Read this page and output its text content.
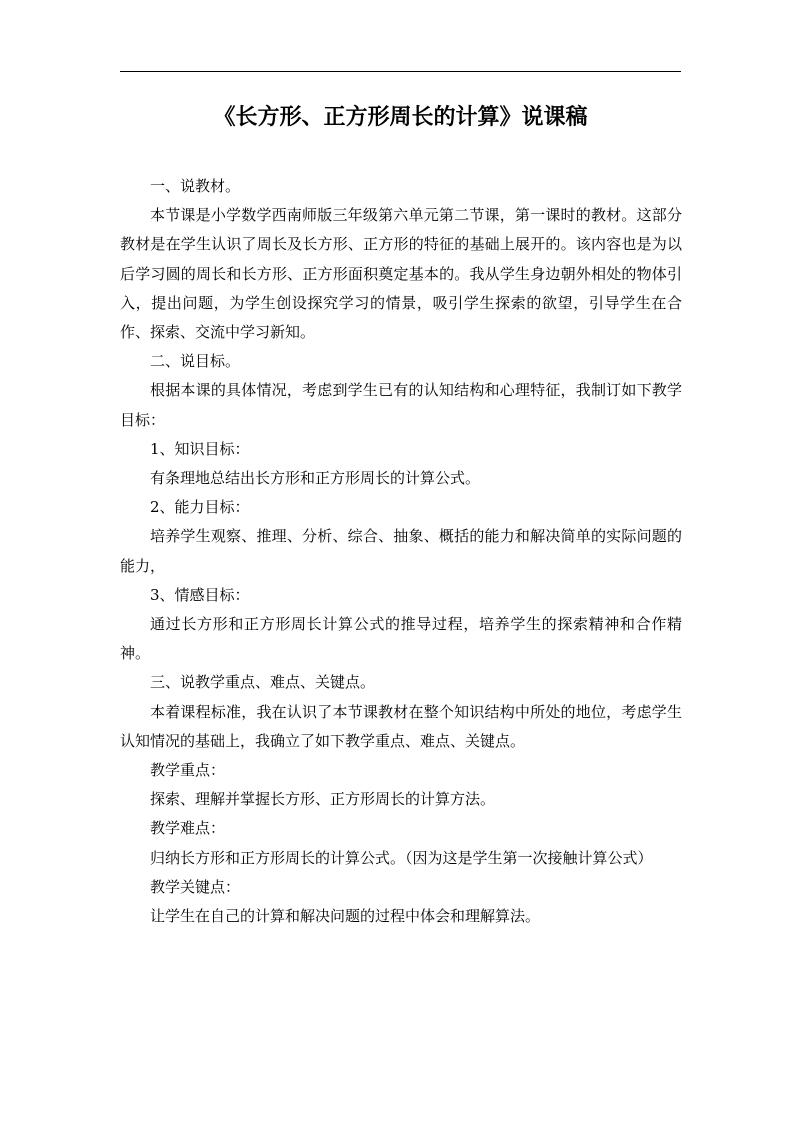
《长方形、正方形周长的计算》说课稿

一、说教材。

本节课是小学数学西南师版三年级第六单元第二节课，第一课时的教材。这部分教材是在学生认识了周长及长方形、正方形的特征的基础上展开的。该内容也是为以后学习圆的周长和长方形、正方形面积奠定基本的。我从学生身边朝外相处的物体引入，提出问题，为学生创设探究学习的情景，吸引学生探索的欲望，引导学生在合作、探索、交流中学习新知。

二、说目标。

根据本课的具体情况，考虑到学生已有的认知结构和心理特征，我制订如下教学目标：

1、知识目标：

有条理地总结出长方形和正方形周长的计算公式。

2、能力目标：

培养学生观察、推理、分析、综合、抽象、概括的能力和解决简单的实际问题的能力，

3、情感目标：

通过长方形和正方形周长计算公式的推导过程，培养学生的探索精神和合作精神。

三、说教学重点、难点、关键点。

本着课程标准，我在认识了本节课教材在整个知识结构中所处的地位，考虑学生认知情况的基础上，我确立了如下教学重点、难点、关键点。

教学重点：

探索、理解并掌握长方形、正方形周长的计算方法。

教学难点：

归纳长方形和正方形周长的计算公式。（因为这是学生第一次接触计算公式）

教学关键点：

让学生在自己的计算和解决问题的过程中体会和理解算法。
